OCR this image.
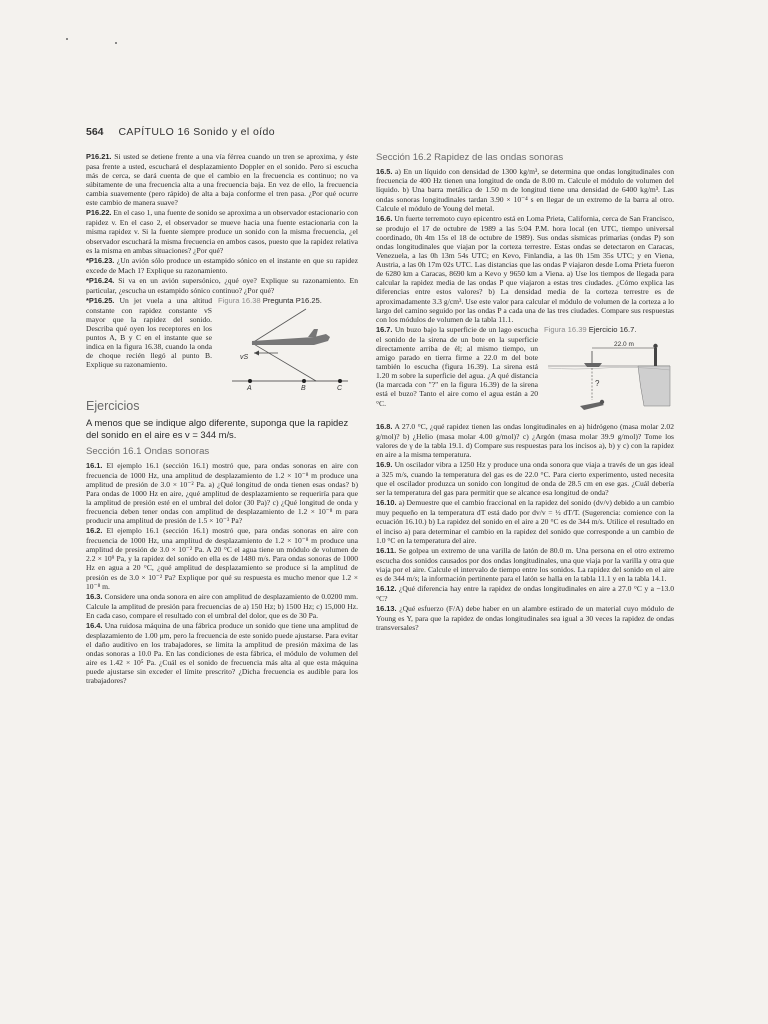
564 CAPÍTULO 16 Sonido y el oído

P16.21. Si usted se detiene frente a una vía férrea cuando un tren se aproxima, y éste pasa frente a usted, escuchará el desplazamiento Doppler en el sonido. Pero si escucha más de cerca, se dará cuenta de que el cambio en la frecuencia es continuo; no va súbitamente de una frecuencia alta a una frecuencia baja. En vez de ello, la frecuencia cambia suavemente (pero rápido) de alta a baja conforme el tren pasa. ¿Por qué ocurre este cambio de manera suave?

P16.22. En el caso 1, una fuente de sonido se aproxima a un observador estacionario con rapidez v. En el caso 2, el observador se mueve hacia una fuente estacionaria con la misma rapidez v. Si la fuente siempre produce un sonido con la misma frecuencia, ¿el observador escuchará la misma frecuencia en ambos casos, puesto que la rapidez relativa es la misma en ambas situaciones? ¿Por qué?

*P16.23. ¿Un avión sólo produce un estampido sónico en el instante en que su rapidez excede de Mach 1? Explique su razonamiento.

*P16.24. Si va en un avión supersónico, ¿qué oye? Explique su razonamiento. En particular, ¿escucha un estampido sónico continuo? ¿Por qué?

Figura 16.38 Pregunta P16.25.
vS
A	B	C

*P16.25. Un jet vuela a una altitud constante con rapidez constante vS mayor que la rapidez del sonido. Describa qué oyen los receptores en los puntos A, B y C en el instante que se indica en la figura 16.38, cuando la onda de choque recién llegó al punto B. Explique su razonamiento.

Ejercicios
A menos que se indique algo diferente, suponga que la rapidez del sonido en el aire es v = 344 m/s.
Sección 16.1 Ondas sonoras

16.1. El ejemplo 16.1 (sección 16.1) mostró que, para ondas sonoras en aire con frecuencia de 1000 Hz, una amplitud de desplazamiento de 1.2 × 10⁻⁸ m produce una amplitud de presión de 3.0 × 10⁻² Pa. a) ¿Qué longitud de onda tienen esas ondas? b) Para ondas de 1000 Hz en aire, ¿qué amplitud de desplazamiento se requeriría para que la amplitud de presión esté en el umbral del dolor (30 Pa)? c) ¿Qué longitud de onda y frecuencia deben tener ondas con amplitud de desplazamiento de 1.2 × 10⁻⁸ m para producir una amplitud de presión de 1.5 × 10⁻³ Pa?

16.2. El ejemplo 16.1 (sección 16.1) mostró que, para ondas sonoras en aire con frecuencia de 1000 Hz, una amplitud de desplazamiento de 1.2 × 10⁻⁸ m produce una amplitud de presión de 3.0 × 10⁻² Pa. A 20 °C el agua tiene un módulo de volumen de 2.2 × 10⁹ Pa, y la rapidez del sonido en ella es de 1480 m/s. Para ondas sonoras de 1000 Hz en agua a 20 °C, ¿qué amplitud de desplazamiento se produce si la amplitud de presión es de 3.0 × 10⁻² Pa? Explique por qué su respuesta es mucho menor que 1.2 × 10⁻⁸ m.

16.3. Considere una onda sonora en aire con amplitud de desplazamiento de 0.0200 mm. Calcule la amplitud de presión para frecuencias de a) 150 Hz; b) 1500 Hz; c) 15,000 Hz. En cada caso, compare el resultado con el umbral del dolor, que es de 30 Pa.

16.4. Una ruidosa máquina de una fábrica produce un sonido que tiene una amplitud de desplazamiento de 1.00 μm, pero la frecuencia de este sonido puede ajustarse. Para evitar el daño auditivo en los trabajadores, se limita la amplitud de presión máxima de las ondas sonoras a 10.0 Pa. En las condiciones de esta fábrica, el módulo de volumen del aire es 1.42 × 10⁵ Pa. ¿Cuál es el sonido de frecuencia más alta al que esta máquina puede ajustarse sin exceder el límite prescrito? ¿Dicha frecuencia es audible para los trabajadores?

Sección 16.2 Rapidez de las ondas sonoras

16.5. a) En un líquido con densidad de 1300 kg/m³, se determina que ondas longitudinales con frecuencia de 400 Hz tienen una longitud de onda de 8.00 m. Calcule el módulo de volumen del líquido. b) Una barra metálica de 1.50 m de longitud tiene una densidad de 6400 kg/m³. Las ondas sonoras longitudinales tardan 3.90 × 10⁻⁴ s en llegar de un extremo de la barra al otro. Calcule el módulo de Young del metal.

16.6. Un fuerte terremoto cuyo epicentro está en Loma Prieta, California, cerca de San Francisco, se produjo el 17 de octubre de 1989 a las 5:04 P.M. hora local (en UTC, tiempo universal coordinado, 0h 4m 15s el 18 de octubre de 1989). Sus ondas sísmicas primarias (ondas P) son ondas longitudinales que viajan por la corteza terrestre. Estas ondas se detectaron en Caracas, Venezuela, a las 0h 13m 54s UTC; en Kevo, Finlandia, a las 0h 15m 35s UTC; y en Viena, Austria, a las 0h 17m 02s UTC. Las distancias que las ondas P viajaron desde Loma Prieta fueron de 6280 km a Caracas, 8690 km a Kevo y 9650 km a Viena. a) Use los tiempos de llegada para calcular la rapidez media de las ondas P que viajaron a estas tres ciudades. ¿Cómo explica las diferencias entre estos valores? b) La densidad media de la corteza terrestre es de aproximadamente 3.3 g/cm³. Use este valor para calcular el módulo de volumen de la corteza a lo largo del camino seguido por las ondas P a cada una de las tres ciudades. Compare sus respuestas con los módulos de volumen de la tabla 11.1.

Figura 16.39 Ejercicio 16.7.
22.0 m
?

16.7. Un buzo bajo la superficie de un lago escucha el sonido de la sirena de un bote en la superficie directamente arriba de él; al mismo tiempo, un amigo parado en tierra firme a 22.0 m del bote también lo escucha (figura 16.39). La sirena está 1.20 m sobre la superficie del agua. ¿A qué distancia (la marcada con "?" en la figura 16.39) de la sirena está el buzo? Tanto el aire como el agua están a 20 °C.

16.8. A 27.0 °C, ¿qué rapidez tienen las ondas longitudinales en a) hidrógeno (masa molar 2.02 g/mol)? b) ¿Helio (masa molar 4.00 g/mol)? c) ¿Argón (masa molar 39.9 g/mol)? Tome los valores de γ de la tabla 19.1. d) Compare sus respuestas para los incisos a), b) y c) con la rapidez en aire a la misma temperatura.

16.9. Un oscilador vibra a 1250 Hz y produce una onda sonora que viaja a través de un gas ideal a 325 m/s, cuando la temperatura del gas es de 22.0 °C. Para cierto experimento, usted necesita que el oscilador produzca un sonido con longitud de onda de 28.5 cm en ese gas. ¿Cuál debería ser la temperatura del gas para permitir que se alcance esa longitud de onda?

16.10. a) Demuestre que el cambio fraccional en la rapidez del sonido (dv/v) debido a un cambio muy pequeño en la temperatura dT está dado por dv/v = ½ dT/T. (Sugerencia: comience con la ecuación 16.10.) b) La rapidez del sonido en el aire a 20 °C es de 344 m/s. Utilice el resultado en el inciso a) para determinar el cambio en la rapidez del sonido que corresponde a un cambio de 1.0 °C en la temperatura del aire.

16.11. Se golpea un extremo de una varilla de latón de 80.0 m. Una persona en el otro extremo escucha dos sonidos causados por dos ondas longitudinales, una que viaja por la varilla y otra que viaja por el aire. Calcule el intervalo de tiempo entre los sonidos. La rapidez del sonido en el aire es de 344 m/s; la información pertinente para el latón se halla en la tabla 11.1 y en la tabla 14.1.

16.12. ¿Qué diferencia hay entre la rapidez de ondas longitudinales en aire a 27.0 °C y a −13.0 °C?

16.13. ¿Qué esfuerzo (F/A) debe haber en un alambre estirado de un material cuyo módulo de Young es Y, para que la rapidez de ondas longitudinales sea igual a 30 veces la rapidez de ondas transversales?
